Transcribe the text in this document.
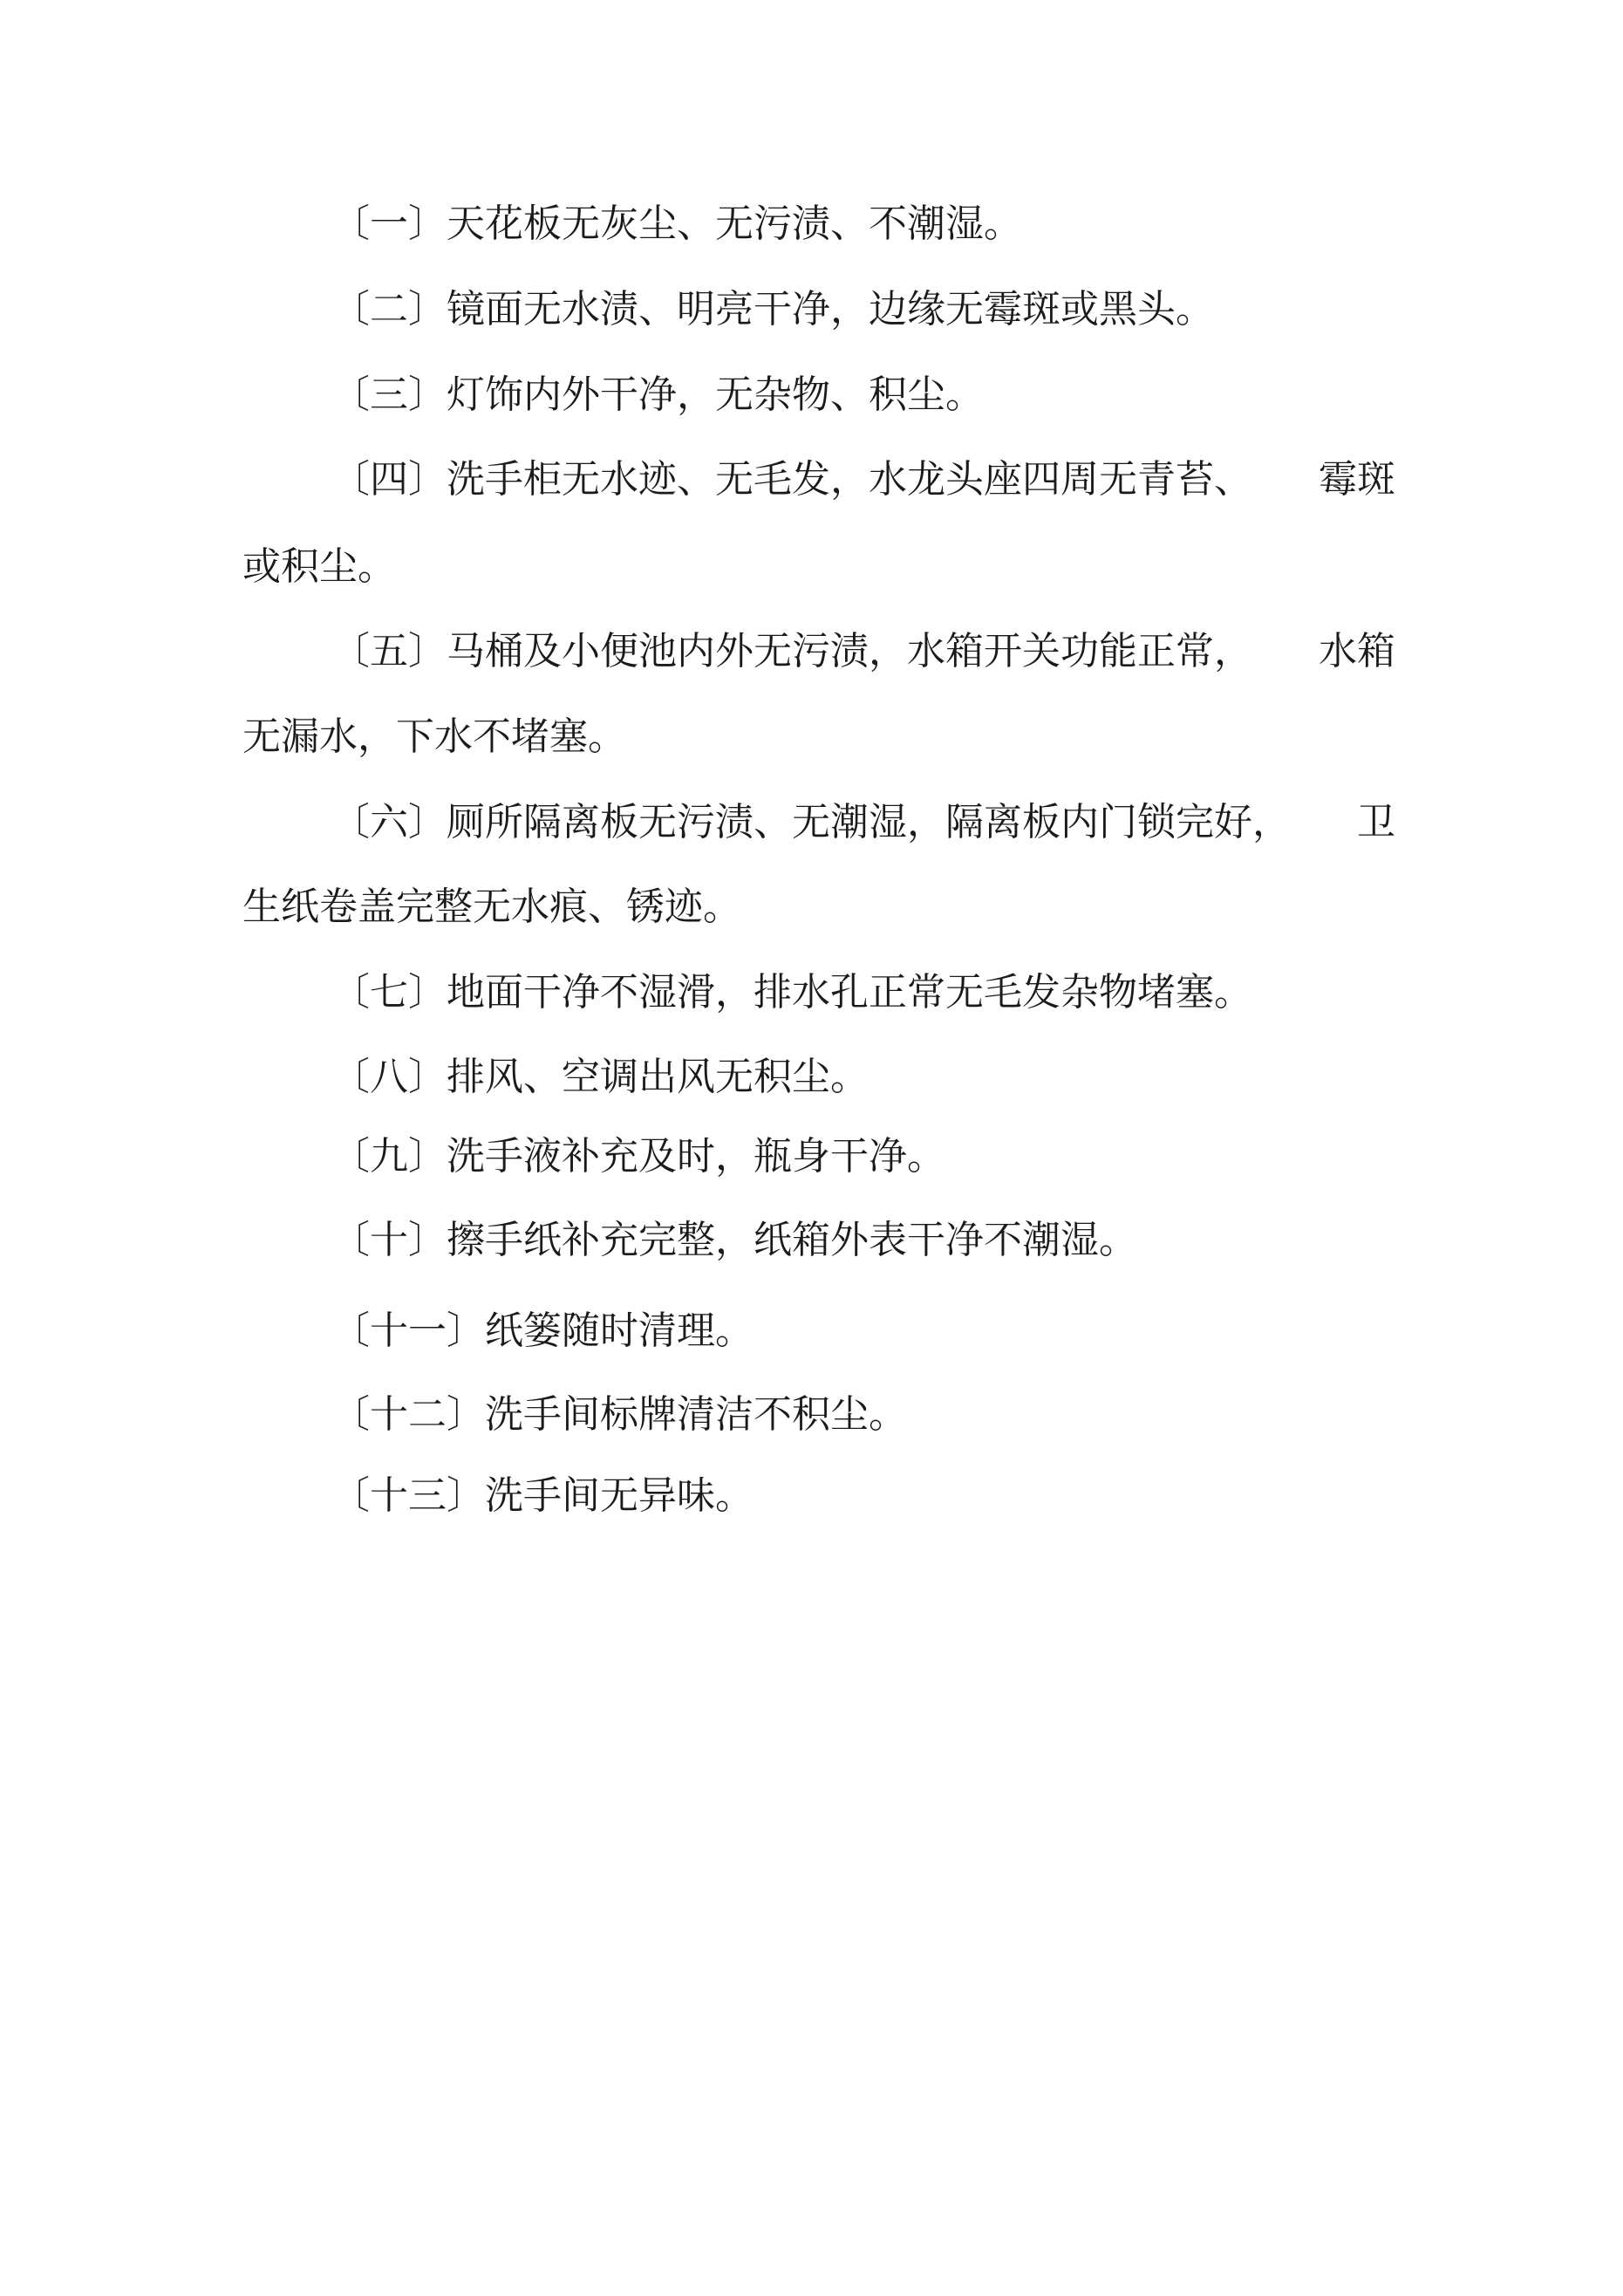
〔一〕天花板无灰尘、无污渍、不潮湿。
〔二〕镜面无水渍、明亮干净，边缘无霉斑或黑头。
〔三〕灯饰内外干净，无杂物、积尘。
〔四〕洗手柜无水迹、无毛发，水龙头座四周无青苔、 霉斑
或积尘。
〔五〕马桶及小便池内外无污渍，水箱开关功能正常， 水箱
无漏水，下水不堵塞。
〔六〕厕所隔离板无污渍、无潮湿，隔离板内门锁完好， 卫
生纸卷盖完整无水痕、锈迹。
〔七〕地面干净不湿滑，排水孔正常无毛发杂物堵塞。
〔八〕排风、空调出风无积尘。
〔九〕洗手液补充及时，瓶身干净。
〔十〕擦手纸补充完整，纸箱外表干净不潮湿。
〔十一〕纸篓随时清理。
〔十二〕洗手间标牌清洁不积尘。
〔十三〕洗手间无异味。
